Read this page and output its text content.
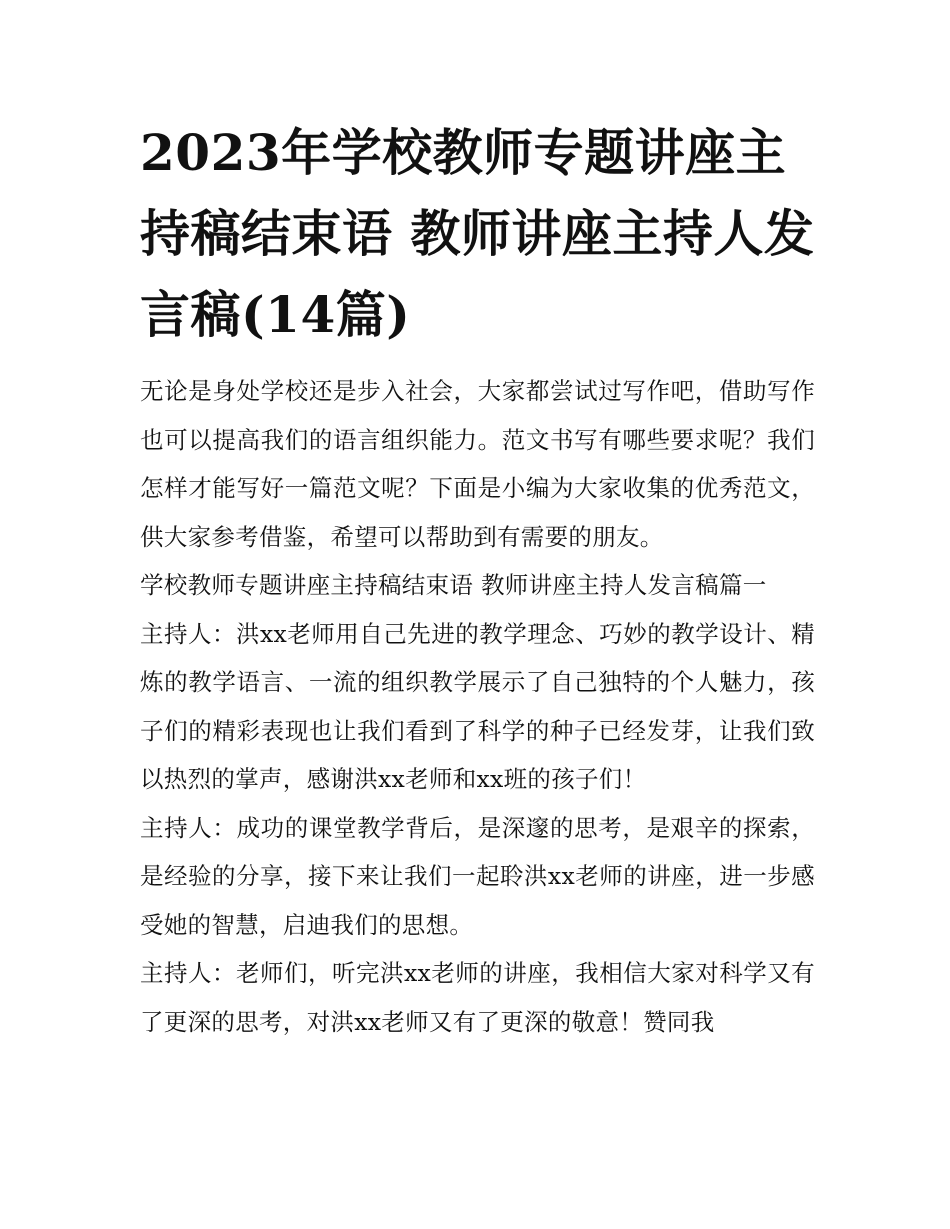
2023年学校教师专题讲座主持稿结束语 教师讲座主持人发言稿(14篇)

无论是身处学校还是步入社会，大家都尝试过写作吧，借助写作也可以提高我们的语言组织能力。范文书写有哪些要求呢？我们怎样才能写好一篇范文呢？下面是小编为大家收集的优秀范文，供大家参考借鉴，希望可以帮助到有需要的朋友。

学校教师专题讲座主持稿结束语 教师讲座主持人发言稿篇一

主持人：洪xx老师用自己先进的教学理念、巧妙的教学设计、精炼的教学语言、一流的组织教学展示了自己独特的个人魅力，孩子们的精彩表现也让我们看到了科学的种子已经发芽，让我们致以热烈的掌声，感谢洪xx老师和xx班的孩子们！

主持人：成功的课堂教学背后，是深邃的思考，是艰辛的探索，是经验的分享，接下来让我们一起聆洪xx老师的讲座，进一步感受她的智慧，启迪我们的思想。

主持人：老师们，听完洪xx老师的讲座，我相信大家对科学又有了更深的思考，对洪xx老师又有了更深的敬意！赞同我
